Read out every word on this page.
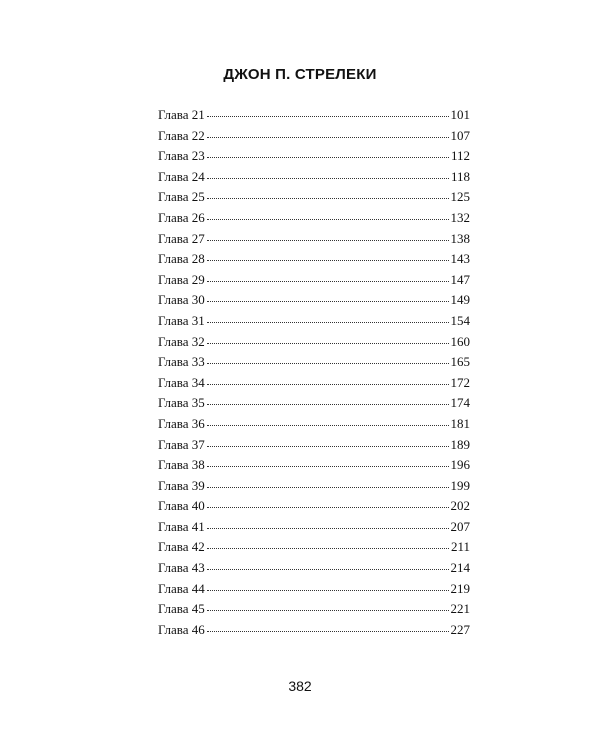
ДЖОН П. СТРЕЛЕКИ
Глава 21	101
Глава 22	107
Глава 23	112
Глава 24	118
Глава 25	125
Глава 26	132
Глава 27	138
Глава 28	143
Глава 29	147
Глава 30	149
Глава 31	154
Глава 32	160
Глава 33	165
Глава 34	172
Глава 35	174
Глава 36	181
Глава 37	189
Глава 38	196
Глава 39	199
Глава 40	202
Глава 41	207
Глава 42	211
Глава 43	214
Глава 44	219
Глава 45	221
Глава 46	227
382
